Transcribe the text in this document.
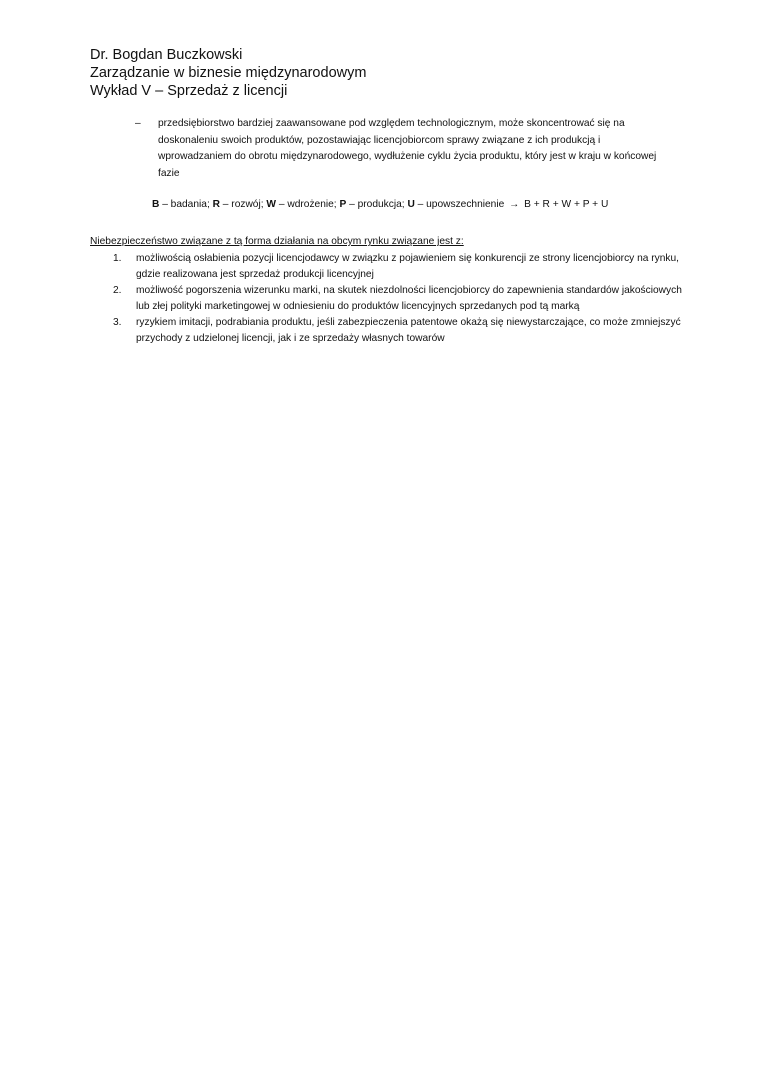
Dr. Bogdan Buczkowski
Zarządzanie w biznesie międzynarodowym
Wykład V – Sprzedaż z licencji
– przedsiębiorstwo bardziej zaawansowane pod względem technologicznym, może skoncentrować się na doskonaleniu swoich produktów, pozostawiając licencjobiorcom sprawy związane z ich produkcją i wprowadzaniem do obrotu międzynarodowego, wydłużenie cyklu życia produktu, który jest w kraju w końcowej fazie
B – badania; R – rozwój; W – wdrożenie; P – produkcja; U – upowszechnienie → B + R + W + P + U
Niebezpieczeństwo związane z tą forma działania na obcym rynku związane jest z:
1. możliwością osłabienia pozycji licencjodawcy w związku z pojawieniem się konkurencji ze strony licencjobiorcy na rynku, gdzie realizowana jest sprzedaż produkcji licencyjnej
2. możliwość pogorszenia wizerunku marki, na skutek niezdolności licencjobiorcy do zapewnienia standardów jakościowych lub złej polityki marketingowej w odniesieniu do produktów licencyjnych sprzedanych pod tą marką
3. ryzykiem imitacji, podrabiania produktu, jeśli zabezpieczenia patentowe okażą się niewystarczające, co może zmniejszyć przychody z udzielonej licencji, jak i ze sprzedaży własnych towarów
